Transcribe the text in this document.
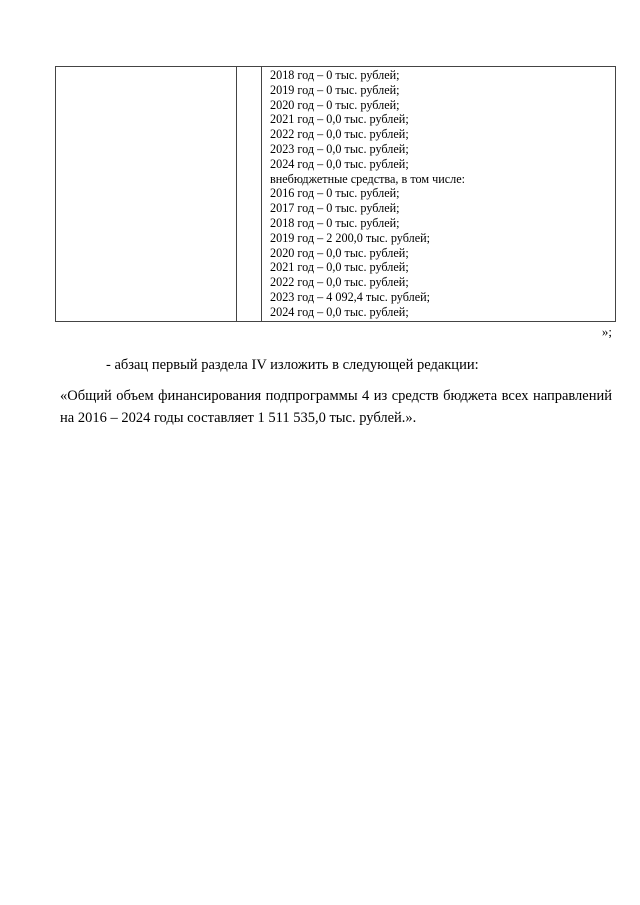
2018 год – 0 тыс. рублей;
2019 год – 0 тыс. рублей;
2020 год – 0 тыс. рублей;
2021 год – 0,0 тыс. рублей;
2022 год – 0,0 тыс. рублей;
2023 год – 0,0 тыс. рублей;
2024 год – 0,0 тыс. рублей;
внебюджетные средства, в том числе:
2016 год – 0 тыс. рублей;
2017 год – 0 тыс. рублей;
2018 год – 0 тыс. рублей;
2019 год – 2 200,0 тыс. рублей;
2020 год – 0,0 тыс. рублей;
2021 год – 0,0 тыс. рублей;
2022 год – 0,0 тыс. рублей;
2023 год – 4 092,4 тыс. рублей;
2024 год – 0,0 тыс. рублей;
»;
- абзац первый раздела IV изложить в следующей редакции:
«Общий объем финансирования подпрограммы 4 из средств бюджета всех направлений на 2016 – 2024 годы составляет 1 511 535,0 тыс. рублей.».
